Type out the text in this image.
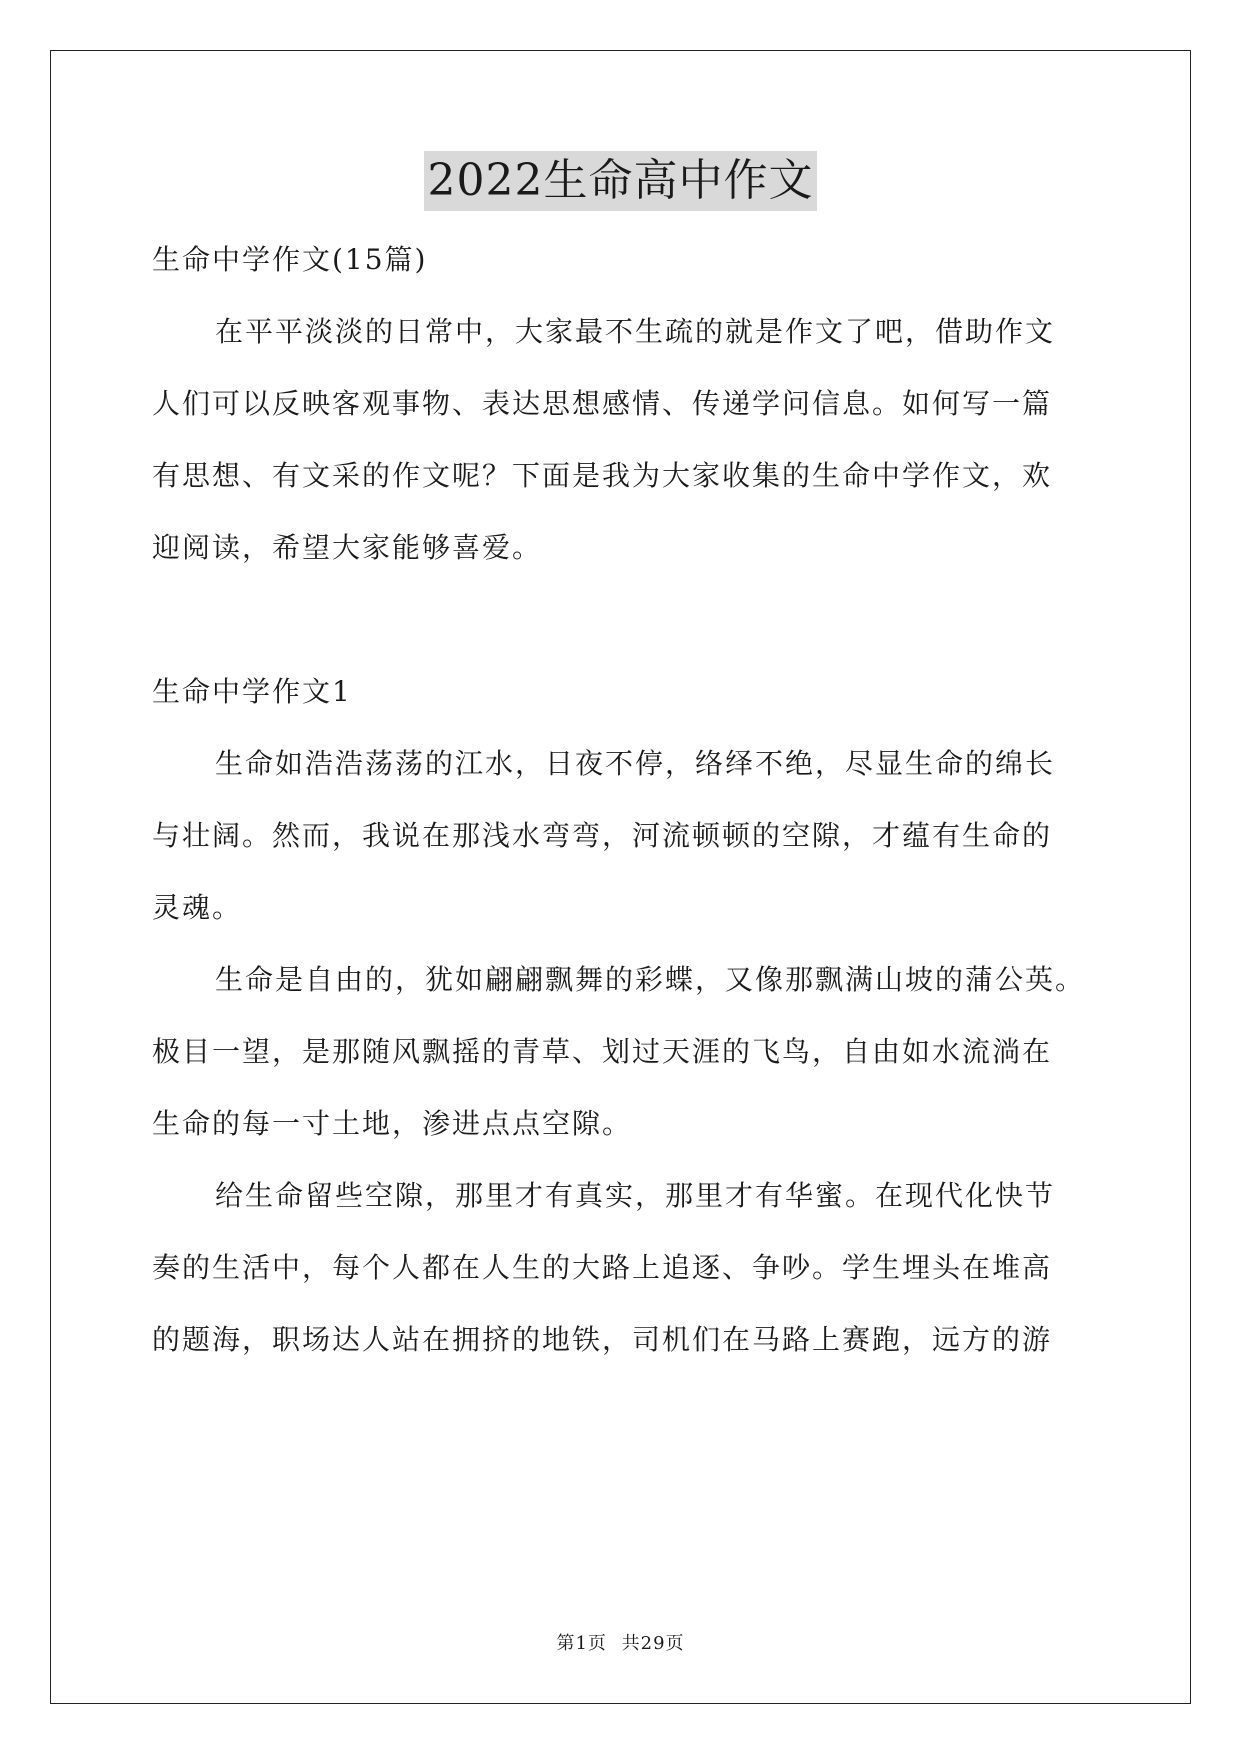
2022生命高中作文
生命中学作文(15篇)
在平平淡淡的日常中，大家最不生疏的就是作文了吧，借助作文
人们可以反映客观事物、表达思想感情、传递学问信息。如何写一篇
有思想、有文采的作文呢？下面是我为大家收集的生命中学作文，欢
迎阅读，希望大家能够喜爱。
生命中学作文1
生命如浩浩荡荡的江水，日夜不停，络绎不绝，尽显生命的绵长
与壮阔。然而，我说在那浅水弯弯，河流顿顿的空隙，才蕴有生命的
灵魂。
生命是自由的，犹如翩翩飘舞的彩蝶，又像那飘满山坡的蒲公英。
极目一望，是那随风飘摇的青草、划过天涯的飞鸟，自由如水流淌在
生命的每一寸土地，渗进点点空隙。
给生命留些空隙，那里才有真实，那里才有华蜜。在现代化快节
奏的生活中，每个人都在人生的大路上追逐、争吵。学生埋头在堆高
的题海，职场达人站在拥挤的地铁，司机们在马路上赛跑，远方的游
第1页 共29页
